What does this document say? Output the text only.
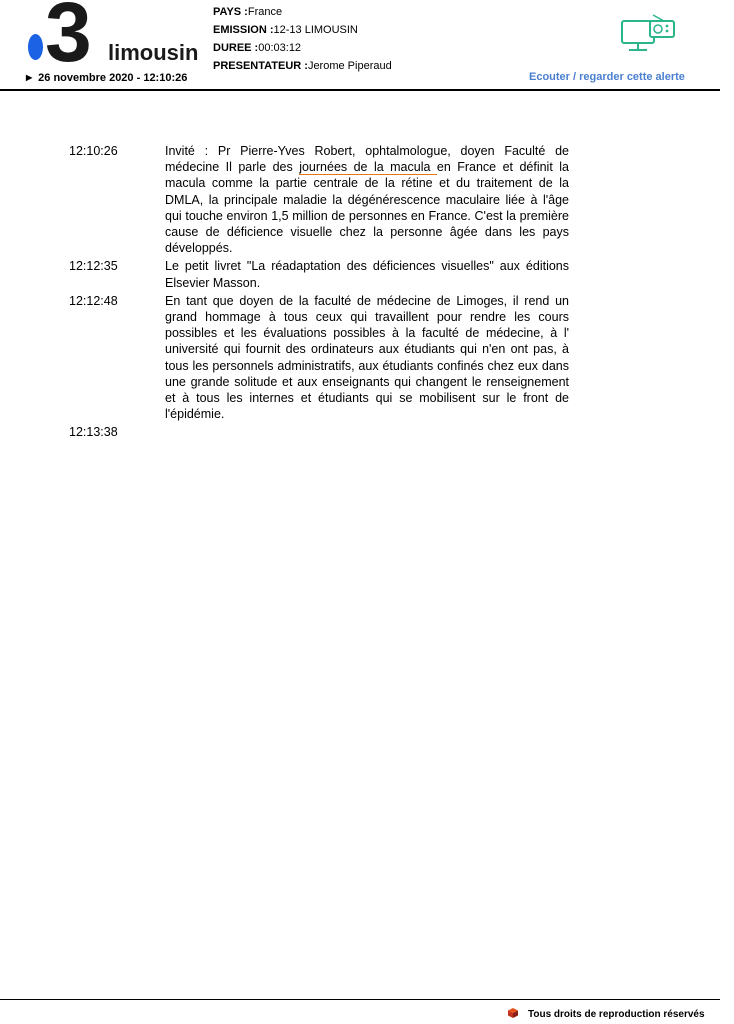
3 limousin
▶ 26 novembre 2020 - 12:10:26
PAYS :France
EMISSION :12-13 LIMOUSIN
DUREE :00:03:12
PRESENTATEUR :Jerome Piperaud
Ecouter / regarder cette alerte
12:10:26	Invité : Pr Pierre-Yves Robert, ophtalmologue, doyen Faculté de médecine Il parle des journées de la macula en France et définit la macula comme la partie centrale de la rétine et du traitement de la DMLA, la principale maladie la dégénérescence maculaire liée à l'âge qui touche environ 1,5 million de personnes en France. C'est la première cause de déficience visuelle chez la personne âgée dans les pays développés.
12:12:35	Le petit livret "La réadaptation des déficiences visuelles" aux éditions Elsevier Masson.
12:12:48	En tant que doyen de la faculté de médecine de Limoges, il rend un grand hommage à tous ceux qui travaillent pour rendre les cours possibles et les évaluations possibles à la faculté de médecine, à l' université qui fournit des ordinateurs aux étudiants qui n'en ont pas, à tous les personnels administratifs, aux étudiants confinés chez eux dans une grande solitude et aux enseignants qui changent le renseignement et à tous les internes et étudiants qui se mobilisent sur le front de l'épidémie.
12:13:38
Tous droits de reproduction réservés
